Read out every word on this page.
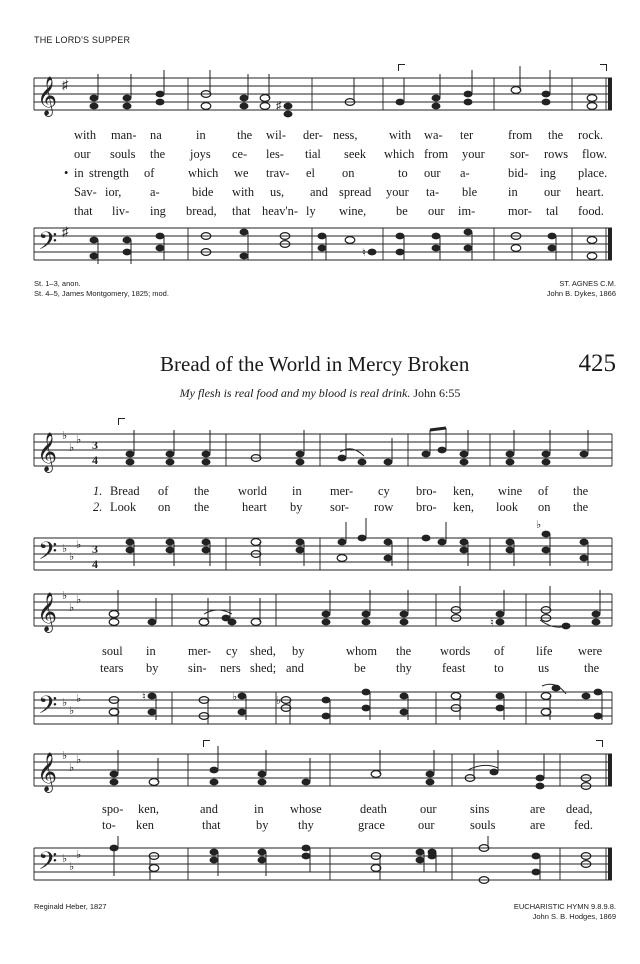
THE LORD'S SUPPER
𝄞 ♯
♯
with man- na	in	the wil- der- ness,	with wa- ter	from the rock.
our souls the joys ce- les- tial seek which from your sor- rows flow.
• in strength of	which we trav- el on	to our a-	bid- ing place.
Sav- ior, a-	bide with us, and spread your ta- ble in our heart.
that liv- ing bread, that heav'n- ly wine, be our im-	mor- tal food.
𝄢 ♯
♮
St. 1–3, anon.
St. 4–5, James Montgomery, 1825; mod.
ST. AGNES C.M.
John B. Dykes, 1866
Bread of the World in Mercy Broken	425
My flesh is real food and my blood is real drink. John 6:55
𝄞 ♭
♭
♭ 3
4
1. Bread of the world in mer- cy bro- ken, wine of the
2. Look on the	heart by sor- row bro- ken, look on the
𝄢 ♭
♭
♭ 3
4
♭
𝄞 ♭
♭
♭
♮
soul in	mer- cy shed, by	whom the words of	life were
tears by sin- ners shed; and	be thy feast to	us	the
𝄢 ♭
♭
♭	♮	♭	♭
𝄞 ♭
♭
♭
spo- ken,	and	in whose	death	our	sins	are dead,
to- ken	that	by thy	grace	our	souls	are fed.
𝄢 ♭
♭
♭
Reginald Heber, 1827	EUCHARISTIC HYMN 9.8.9.8.
John S. B. Hodges, 1869
